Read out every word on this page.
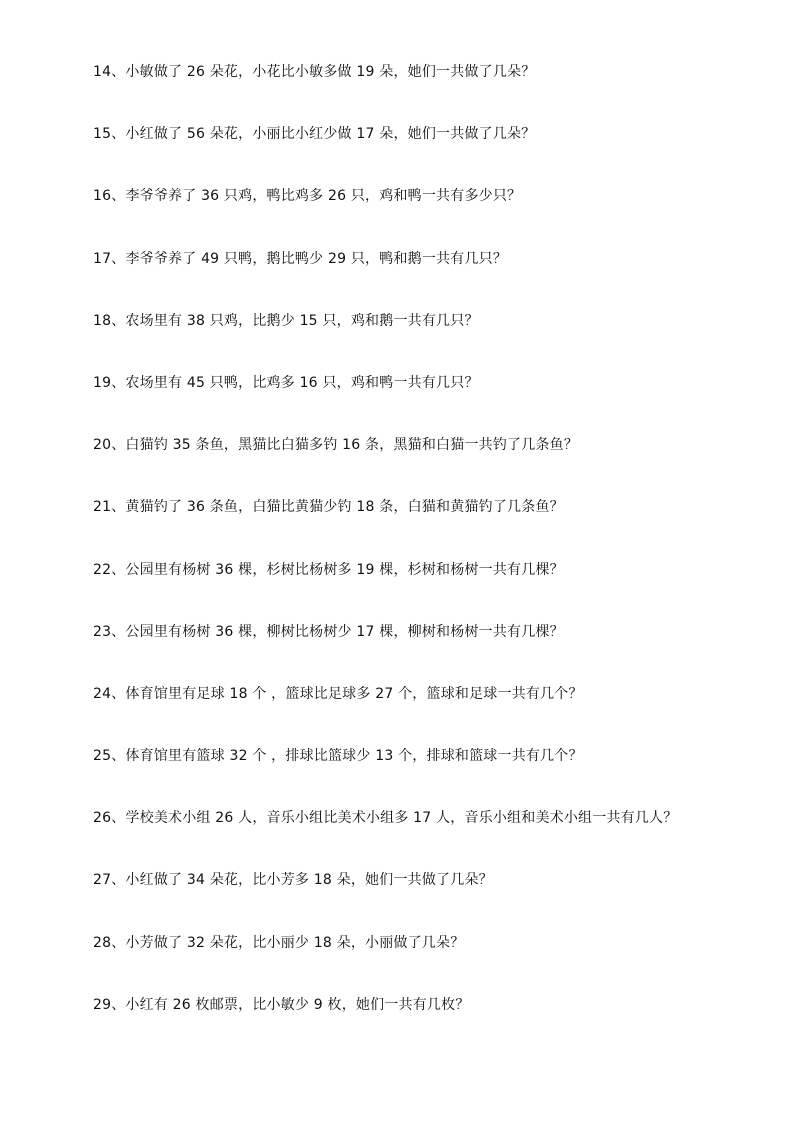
14、小敏做了 26 朵花，小花比小敏多做 19 朵，她们一共做了几朵？
15、小红做了 56 朵花，小丽比小红少做 17 朵，她们一共做了几朵？
16、李爷爷养了 36 只鸡，鸭比鸡多 26 只，鸡和鸭一共有多少只？
17、李爷爷养了 49 只鸭，鹅比鸭少 29 只，鸭和鹅一共有几只？
18、农场里有 38 只鸡，比鹅少 15 只，鸡和鹅一共有几只？
19、农场里有 45 只鸭，比鸡多 16 只，鸡和鸭一共有几只？
20、白猫钓 35 条鱼，黑猫比白猫多钓 16 条，黑猫和白猫一共钓了几条鱼？
21、黄猫钓了 36 条鱼，白猫比黄猫少钓 18 条，白猫和黄猫钓了几条鱼？
22、公园里有杨树 36 棵，杉树比杨树多 19 棵，杉树和杨树一共有几棵？
23、公园里有杨树 36 棵，柳树比杨树少 17 棵，柳树和杨树一共有几棵？
24、体育馆里有足球 18 个 ，篮球比足球多 27 个，篮球和足球一共有几个？
25、体育馆里有篮球 32 个 ，排球比篮球少 13 个，排球和篮球一共有几个？
26、学校美术小组 26 人，音乐小组比美术小组多 17 人，音乐小组和美术小组一共有几人？
27、小红做了 34 朵花，比小芳多 18 朵，她们一共做了几朵？
28、小芳做了 32 朵花，比小丽少 18 朵，小丽做了几朵？
29、小红有 26 枚邮票，比小敏少 9 枚，她们一共有几枚？
